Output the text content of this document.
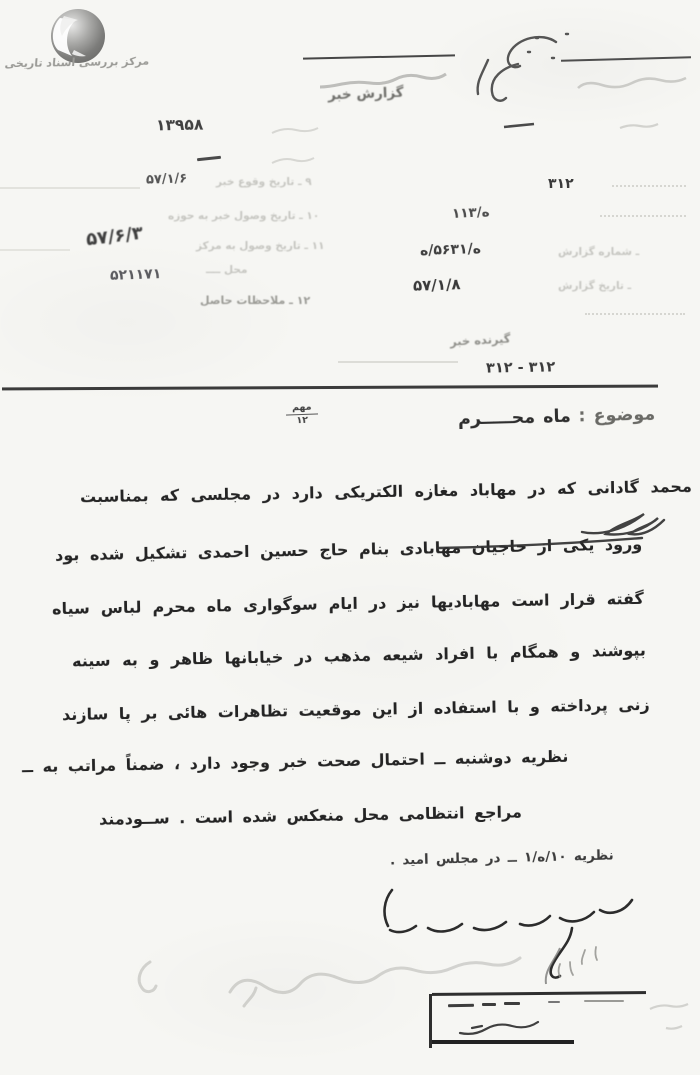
مرکز بررسی اسناد تاریخی
گزارش خبر
۱۳۹۵۸
۳۱۲
۱ه/۱۳
ه/۵۶۳۱/ه	ـ شماره گزارش
۵۷/۱/۸	ـ تاریخ گزارش
گیرنده خبر
۳۱۲ - ۳۱۲
۹ ـ تاریخ وقوع خبر
۵۷/۱/۶
۱۰ ـ تاریخ وصول خبر به حوزه
۱۱ ـ تاریخ وصول به مرکز
۵۷/۶/۳
محل ــــ
۵۲۱۱۷۱
۱۲ ـ ملاحظات حاصل
موضوع : ماه محـــــرم
مهم
۱۲
محمد گادانی که در مهاباد مغازه الکتریکی دارد در مجلسی که بمناسبت
ورود یکی از حاجیان مهابادی بنام حاج حسین احمدی تشکیل شده بود
گفته قرار است مهابادیها نیز در ایام سوگواری ماه محرم لباس سیاه
بپوشند و همگام با افراد شیعه مذهب در خیابانها ظاهر و به سینه
زنی پرداخته و با استفاده از این موقعیت تظاهرات هائی بر پا سازند
نظریه دوشنبه ــ احتمال صحت خبر وجود دارد ، ضمناً مراتب به ــ
مراجع انتظامی محل منعکس شده است . ســودمند
نظریه ۱۰/ه/۱ ــ در مجلس امید .
